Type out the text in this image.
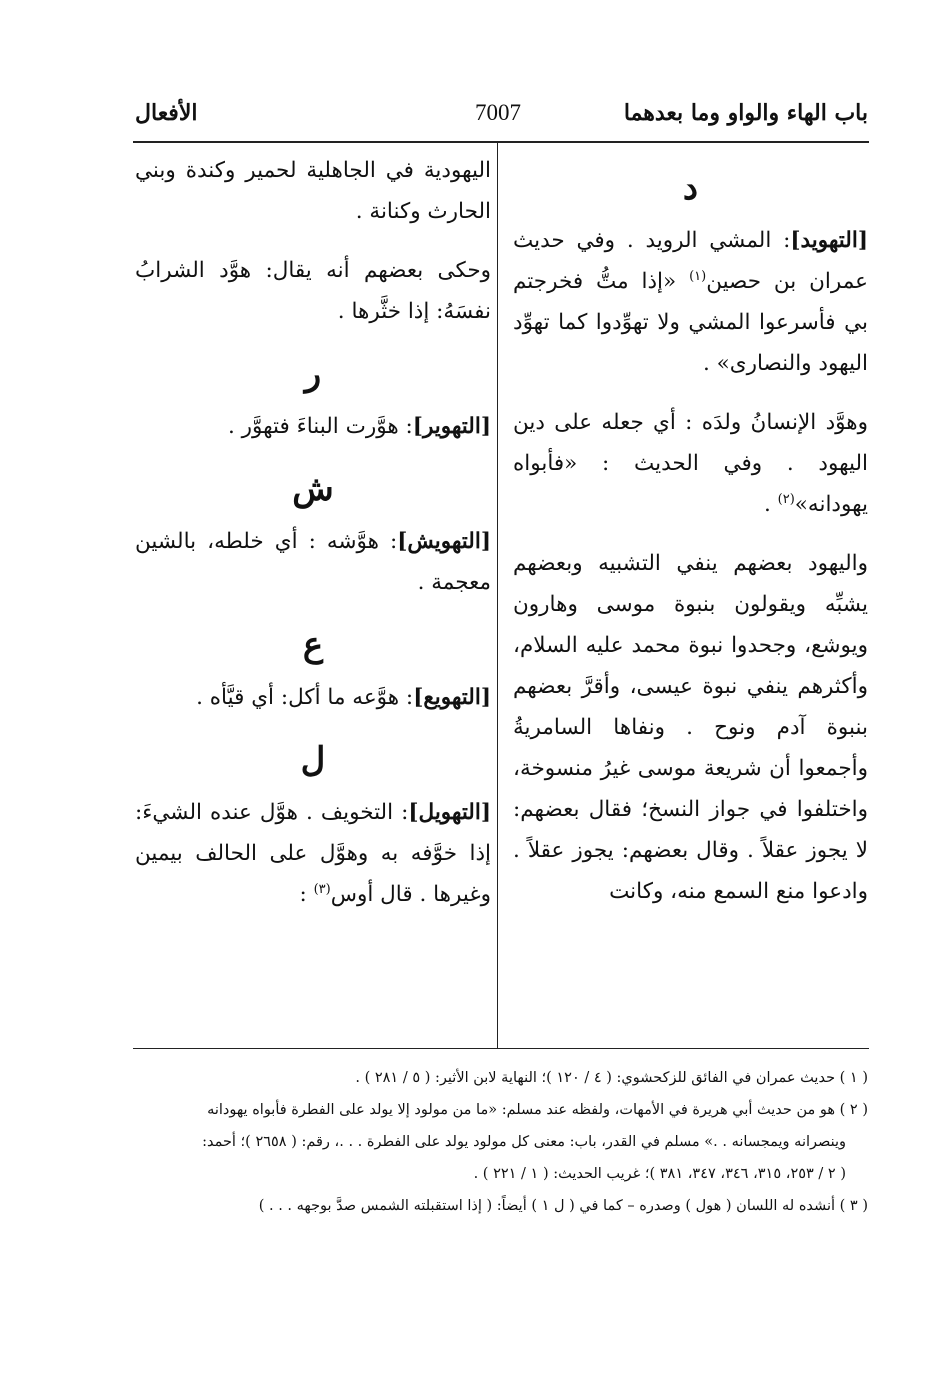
باب الهاء والواو وما بعدهما
7007
الأفعال
د

[التهويد]: المشي الرويد . وفي حديث عمران بن حصين$^{(١)}$ «إذا متُّ فخرجتم بي فأسرعوا المشي ولا تهوِّدوا كما تهوِّد اليهود والنصارى» .

وهوَّد الإنسانُ ولدَه : أي جعله على دين اليهود . وفي الحديث : «فأبواه يهودانه»$^{(٢)}$ .

واليهود بعضهم ينفي التشبيه وبعضهم يشبِّه ويقولون بنبوة موسى وهارون ويوشع، وجحدوا نبوة محمد عليه السلام، وأكثرهم ينفي نبوة عيسى، وأقرَّ بعضهم بنبوة آدم ونوح . ونفاها السامريةُ وأجمعوا أن شريعة موسى غيرُ منسوخة، واختلفوا في جواز النسخ؛ فقال بعضهم: لا يجوز عقلاً . وقال بعضهم: يجوز عقلاً . وادعوا منع السمع منه، وكانت

اليهودية في الجاهلية لحمير وكندة وبني الحارث وكنانة .

وحكى بعضهم أنه يقال: هوَّد الشرابُ نفسَهُ: إذا خثَّرها .

ر

[التهوير]: هوَّرت البناءَ فتهوَّر .

ش

[التهويش]: هوَّشه : أي خلطه، بالشين معجمة .

ع

[التهويع]: هوَّعه ما أكل: أي قيَّأه .

ل

[التهويل]: التخويف . هوَّل عنده الشيءَ: إذا خوَّفه به وهوَّل على الحالف بيمين وغيرها . قال أوس$^{(٣)}$ :

( ١ ) حديث عمران في الفائق للزكحشوي: ( ٤ / ١٢٠ )؛ النهاية لابن الأثير: ( ٥ / ٢٨١ ) .

( ٢ ) هو من حديث أبي هريرة في الأمهات، ولفظه عند مسلم: «ما من مولود إلا يولد على الفطرة فأبواه يهودانه

وينصرانه ويمجسانه . .» مسلم في القدر، باب: معنى كل مولود يولد على الفطرة . . .، رقم: ( ٢٦٥٨ )؛ أحمد:

( ٢ / ٢٥٣، ٣١٥، ٣٤٦، ٣٤٧، ٣٨١ )؛ غريب الحديث: ( ١ / ٢٢١ ) .

( ٣ ) أنشده له اللسان ( هول ) وصدره – كما في ( ل ١ ) أيضاً: ( إذا استقبلته الشمس صدَّ بوجهه . . . )
